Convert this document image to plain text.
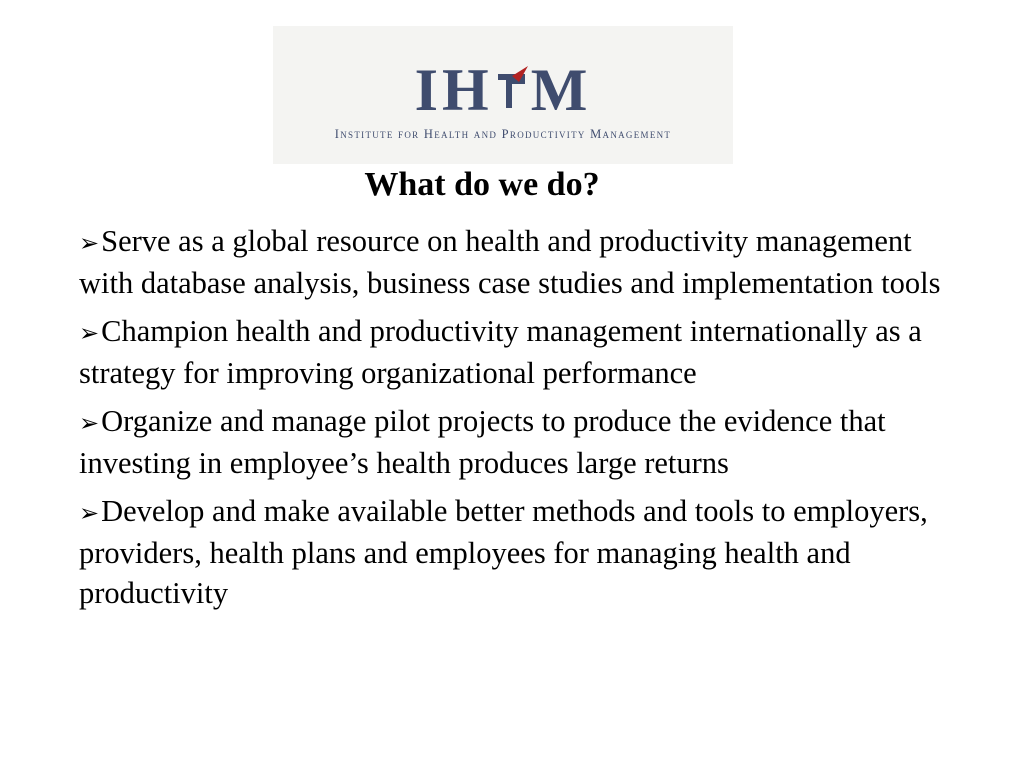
IH M
Institute for Health and Productivity Management
What do we do?
➢Serve as a global resource on health and productivity management with database analysis, business case studies and implementation tools
➢Champion health and productivity management internationally as a strategy for improving organizational performance
➢Organize and manage pilot projects to produce the evidence that investing in employee’s health produces large returns
➢Develop and make available better methods and tools to employers, providers, health plans and employees for managing health and productivity
